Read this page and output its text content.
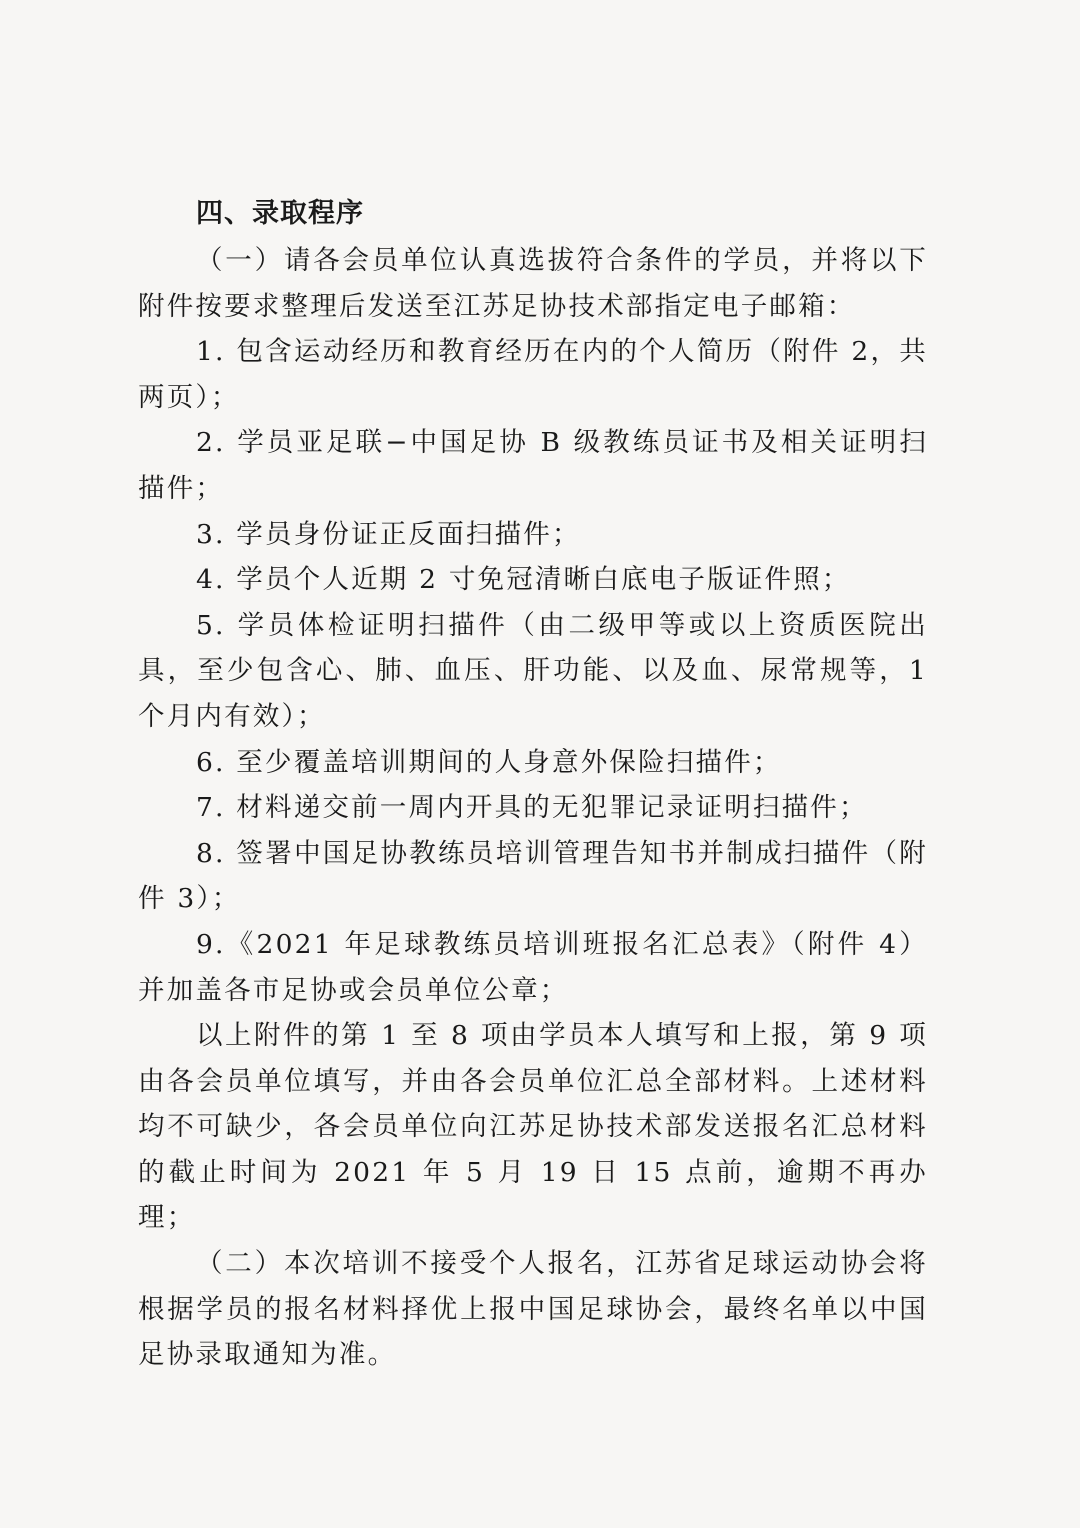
四、录取程序

（一）请各会员单位认真选拔符合条件的学员，并将以下附件按要求整理后发送至江苏足协技术部指定电子邮箱：

1. 包含运动经历和教育经历在内的个人简历（附件 2，共两页）；

2. 学员亚足联−中国足协 B 级教练员证书及相关证明扫描件；

3. 学员身份证正反面扫描件；

4. 学员个人近期 2 寸免冠清晰白底电子版证件照；

5. 学员体检证明扫描件（由二级甲等或以上资质医院出具，至少包含心、肺、血压、肝功能、以及血、尿常规等，1 个月内有效）；

6. 至少覆盖培训期间的人身意外保险扫描件；

7. 材料递交前一周内开具的无犯罪记录证明扫描件；

8. 签署中国足协教练员培训管理告知书并制成扫描件（附件 3）；

9.《2021 年足球教练员培训班报名汇总表》（附件 4）并加盖各市足协或会员单位公章；

以上附件的第 1 至 8 项由学员本人填写和上报，第 9 项由各会员单位填写，并由各会员单位汇总全部材料。上述材料均不可缺少，各会员单位向江苏足协技术部发送报名汇总材料的截止时间为 2021 年 5 月 19 日 15 点前，逾期不再办理；

（二）本次培训不接受个人报名，江苏省足球运动协会将根据学员的报名材料择优上报中国足球协会，最终名单以中国足协录取通知为准。
